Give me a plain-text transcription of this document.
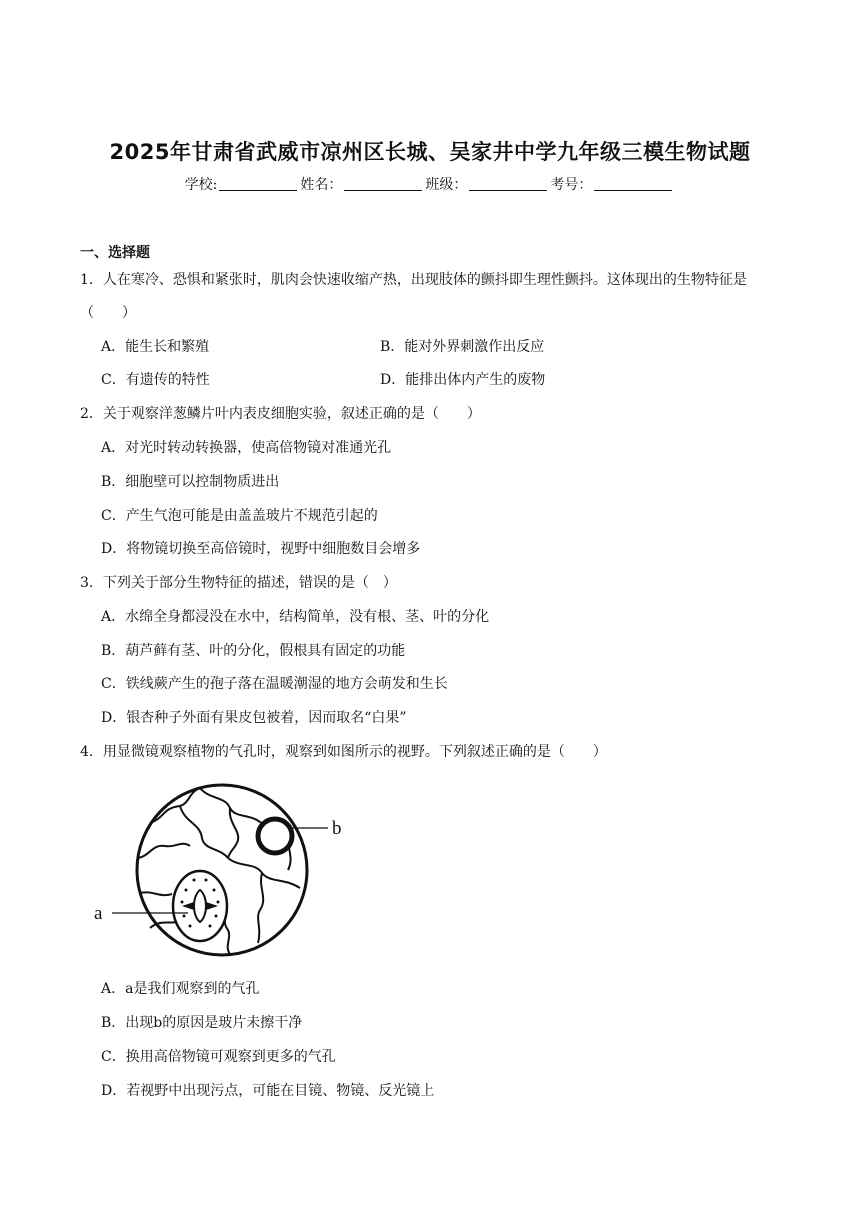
2025年甘肃省武威市凉州区长城、吴家井中学九年级三模生物试题
学校:	姓名：	班级：	考号：
一、选择题
1．人在寒冷、恐惧和紧张时，肌肉会快速收缩产热，出现肢体的颤抖即生理性颤抖。这体现出的生物特征是（　　）
A．能生长和繁殖	B．能对外界刺激作出反应
C．有遗传的特性	D．能排出体内产生的废物
2．关于观察洋葱鳞片叶内表皮细胞实验，叙述正确的是（　　）
A．对光时转动转换器，使高倍物镜对准通光孔
B．细胞壁可以控制物质进出
C．产生气泡可能是由盖盖玻片不规范引起的
D．将物镜切换至高倍镜时，视野中细胞数目会增多
3．下列关于部分生物特征的描述，错误的是（　）
A．水绵全身都浸没在水中，结构简单，没有根、茎、叶的分化
B．葫芦藓有茎、叶的分化，假根具有固定的功能
C．铁线蕨产生的孢子落在温暖潮湿的地方会萌发和生长
D．银杏种子外面有果皮包被着，因而取名“白果”
4．用显微镜观察植物的气孔时，观察到如图所示的视野。下列叙述正确的是（　　）
a
b
A．a是我们观察到的气孔
B．出现b的原因是玻片未擦干净
C．换用高倍物镜可观察到更多的气孔
D．若视野中出现污点，可能在目镜、物镜、反光镜上
